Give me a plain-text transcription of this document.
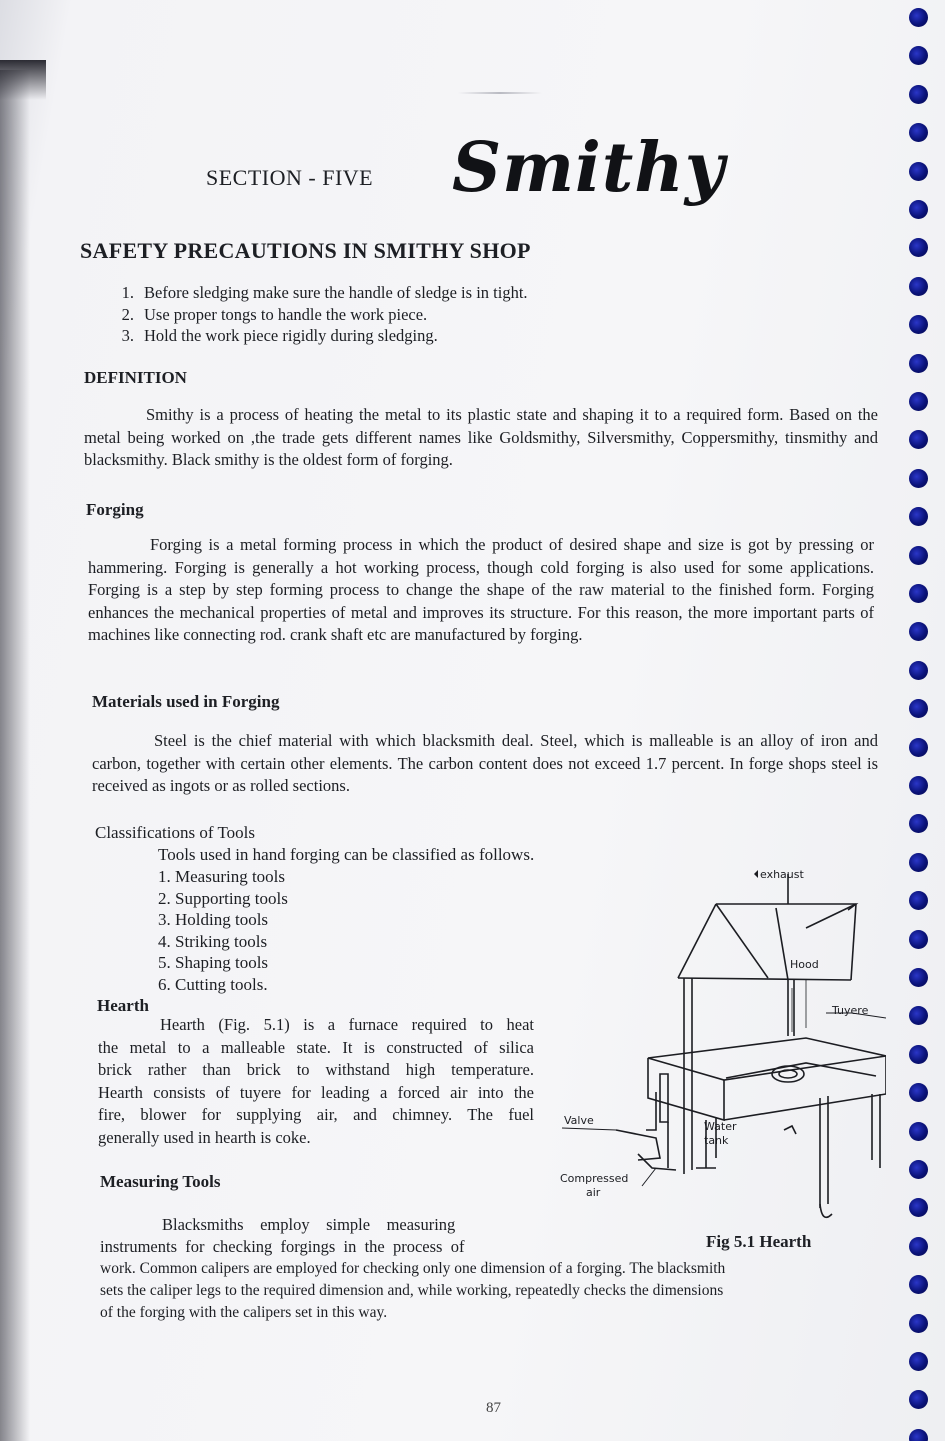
SECTION - FIVE Smithy

SAFETY PRECAUTIONS IN SMITHY SHOP

1. Before sledging make sure the handle of sledge is in tight.
2. Use proper tongs to handle the work piece.
3. Hold the work piece rigidly during sledging.

DEFINITION

Smithy is a process of heating the metal to its plastic state and shaping it to a required form. Based on the metal being worked on ,the trade gets different names like Goldsmithy, Silversmithy, Coppersmithy, tinsmithy and blacksmithy. Black smithy is the oldest form of forging.

Forging

Forging is a metal forming process in which the product of desired shape and size is got by pressing or hammering. Forging is generally a hot working process, though cold forging is also used for some applications. Forging is a step by step forming process to change the shape of the raw material to the finished form. Forging enhances the mechanical properties of metal and improves its structure. For this reason, the more important parts of machines like connecting rod. crank shaft etc are manufactured by forging.

Materials used in Forging

Steel is the chief material with which blacksmith deal. Steel, which is malleable is an alloy of iron and carbon, together with certain other elements. The carbon content does not exceed 1.7 percent. In forge shops steel is received as ingots or as rolled sections.

Classifications of Tools

Tools used in hand forging can be classified as follows.

1. Measuring tools
2. Supporting tools
3. Holding tools
4. Striking tools
5. Shaping tools
6. Cutting tools.

Hearth

Hearth (Fig. 5.1) is a furnace required to heat
the metal to a malleable state. It is constructed of silica
brick rather than brick to withstand high temperature.
Hearth consists of tuyere for leading a forced air into the
fire, blower for supplying air, and chimney. The fuel
generally used in hearth is coke.
exhaust
Hood
Tuyere
Valve	Water
tank
Compressed
air

Fig 5.1 Hearth

Measuring Tools

Blacksmiths    employ    simple    measuring
instruments  for  checking  forgings  in  the  process  of
work. Common calipers are employed for checking only one dimension of a forging. The blacksmith
sets the caliper legs to the required dimension and, while working, repeatedly checks the dimensions
of the forging with the calipers set in this way.

87
